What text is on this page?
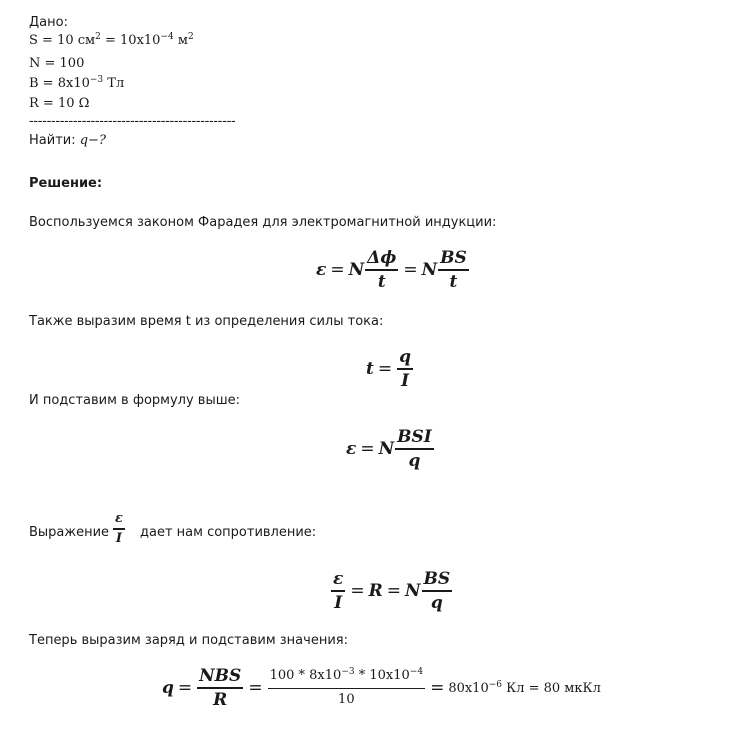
Дано:
S = 10 $см^2 = 10х10^{-4}$ $м^2$
N = 100
$B = 8х10^{-3}$ Тл
R = 10 Ω
-----------------------------------------------
Найти: q−?
Решение:
Воспользуемся законом Фарадея для электромагнитной индукции:
ε = N $\frac{\Delta\phi}{t} = N \frac{BS}{t}$
Также выразим время t из определения силы тока:
$t = \frac{q}{I}$
И подставим в формулу выше:
ε = N $\frac{\text{BSI}}{q}$
Выражение
ε
I дает нам сопротивление:
$\frac{\varepsilon}{I} = R = N \frac{BS}{q}$
Теперь выразим заряд и подставим значения:
$q = \frac{\text{NBS}}{R} = \frac{100 * 8х10^{-3} * 10х10^{-4}}{10} = 80х10^{-6}$ Кл = 80 мкКл
